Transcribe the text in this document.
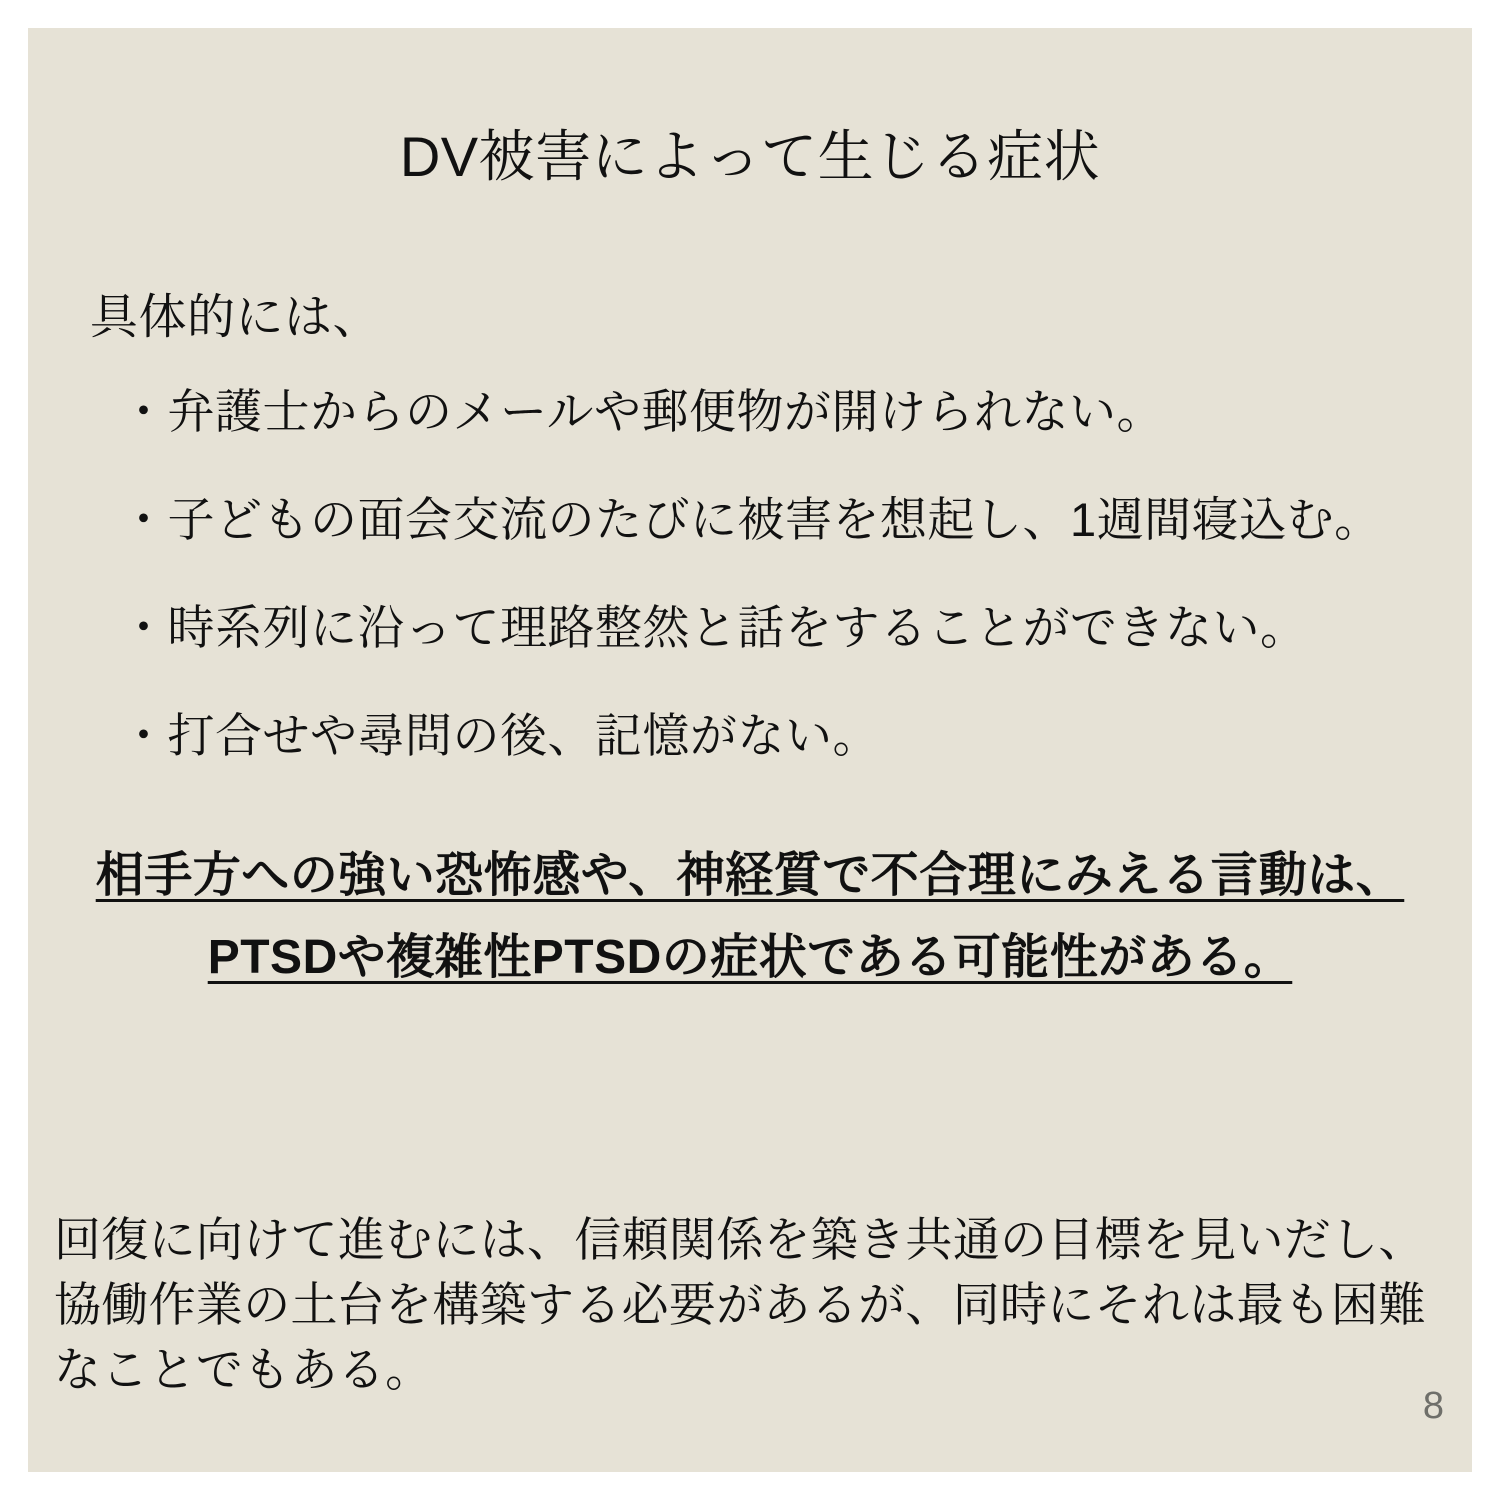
DV被害によって生じる症状
具体的には、
・弁護士からのメールや郵便物が開けられない。
・子どもの面会交流のたびに被害を想起し、1週間寝込む。
・時系列に沿って理路整然と話をすることができない。
・打合せや尋問の後、記憶がない。
相手方への強い恐怖感や、神経質で不合理にみえる言動は、
PTSDや複雑性PTSDの症状である可能性がある。
回復に向けて進むには、信頼関係を築き共通の目標を見いだし、協働作業の土台を構築する必要があるが、同時にそれは最も困難なことでもある。
8
